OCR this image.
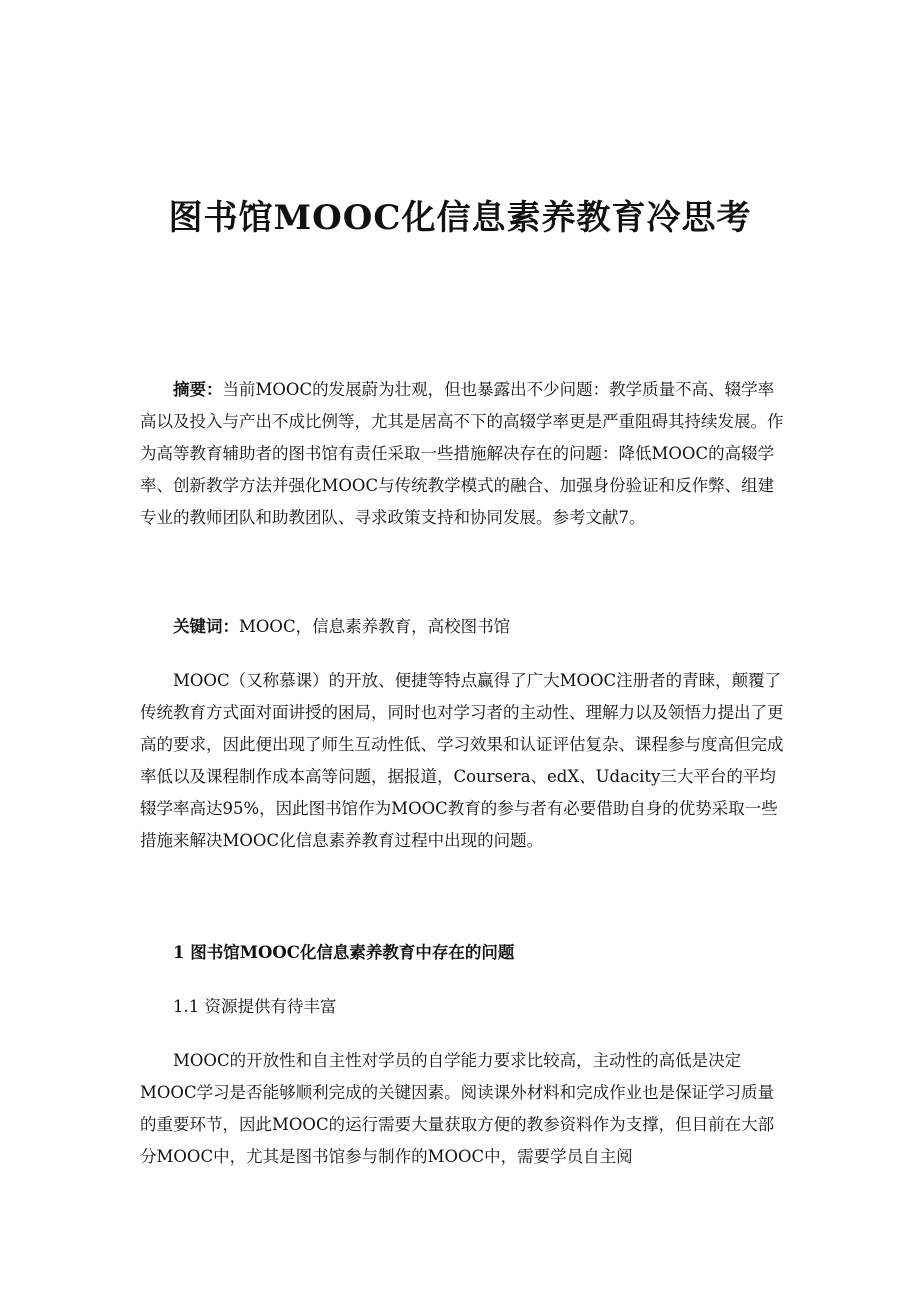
图书馆MOOC化信息素养教育冷思考

摘要：当前MOOC的发展蔚为壮观，但也暴露出不少问题：教学质量不高、辍学率高以及投入与产出不成比例等，尤其是居高不下的高辍学率更是严重阻碍其持续发展。作为高等教育辅助者的图书馆有责任采取一些措施解决存在的问题：降低MOOC的高辍学率、创新教学方法并强化MOOC与传统教学模式的融合、加强身份验证和反作弊、组建专业的教师团队和助教团队、寻求政策支持和协同发展。参考文献7。

关键词：MOOC，信息素养教育，高校图书馆

MOOC（又称慕课）的开放、便捷等特点赢得了广大MOOC注册者的青睐，颠覆了传统教育方式面对面讲授的困局，同时也对学习者的主动性、理解力以及领悟力提出了更高的要求，因此便出现了师生互动性低、学习效果和认证评估复杂、课程参与度高但完成率低以及课程制作成本高等问题，据报道，Coursera、edX、Udacity三大平台的平均辍学率高达95%，因此图书馆作为MOOC教育的参与者有必要借助自身的优势采取一些措施来解决MOOC化信息素养教育过程中出现的问题。

1 图书馆MOOC化信息素养教育中存在的问题

1.1 资源提供有待丰富

MOOC的开放性和自主性对学员的自学能力要求比较高，主动性的高低是决定MOOC学习是否能够顺利完成的关键因素。阅读课外材料和完成作业也是保证学习质量的重要环节，因此MOOC的运行需要大量获取方便的教参资料作为支撑，但目前在大部分MOOC中，尤其是图书馆参与制作的MOOC中，需要学员自主阅
